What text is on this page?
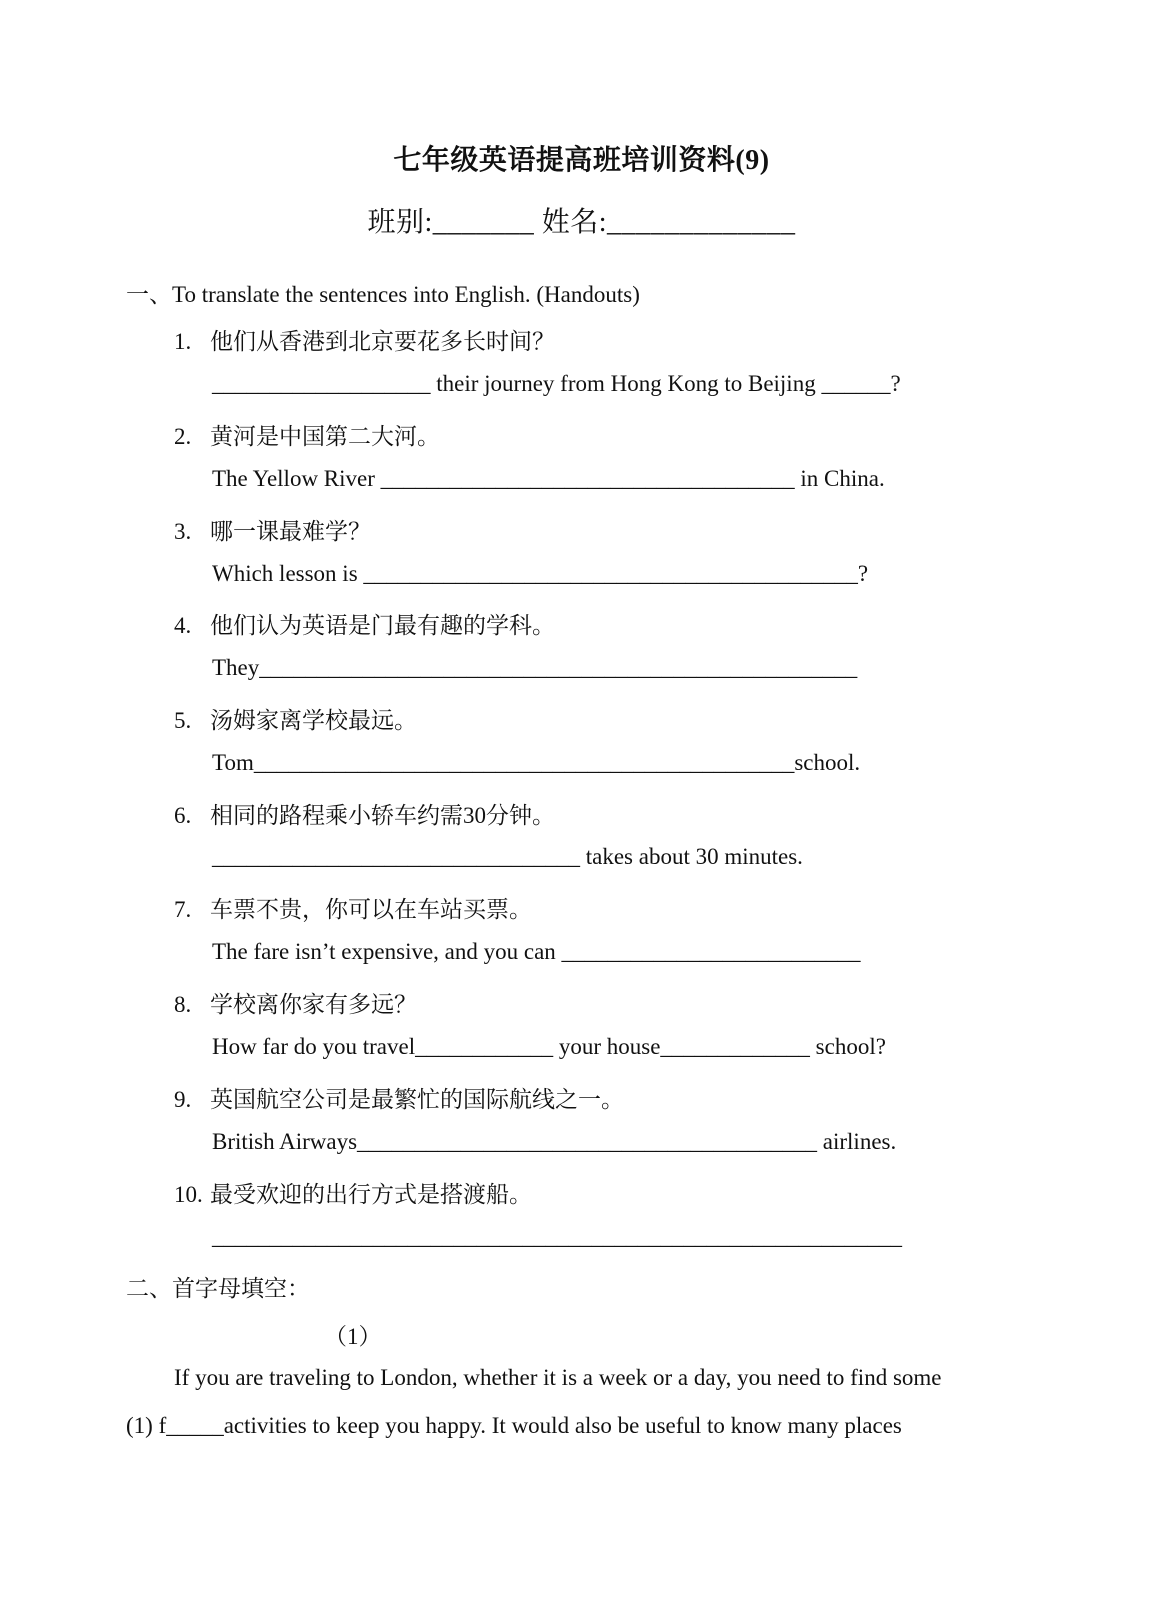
七年级英语提高班培训资料(9)
班别:_______ 姓名:_____________
一、To translate the sentences into English. (Handouts)
1. 他们从香港到北京要花多长时间？
___________________ their journey from Hong Kong to Beijing ______?
2. 黄河是中国第二大河。
The Yellow River ____________________________________ in China.
3. 哪一课最难学？
Which lesson is ___________________________________________?
4. 他们认为英语是门最有趣的学科。
They____________________________________________________
5. 汤姆家离学校最远。
Tom_______________________________________________school.
6. 相同的路程乘小轿车约需30分钟。
________________________________ takes about 30 minutes.
7. 车票不贵，你可以在车站买票。
The fare isn’t expensive, and you can __________________________
8. 学校离你家有多远？
How far do you travel____________ your house_____________ school?
9. 英国航空公司是最繁忙的国际航线之一。
British Airways________________________________________ airlines.
10. 最受欢迎的出行方式是搭渡船。
____________________________________________________________
二、首字母填空：
（1）
If you are traveling to London, whether it is a week or a day, you need to find some
(1) f_____activities to keep you happy. It would also be useful to know many places
